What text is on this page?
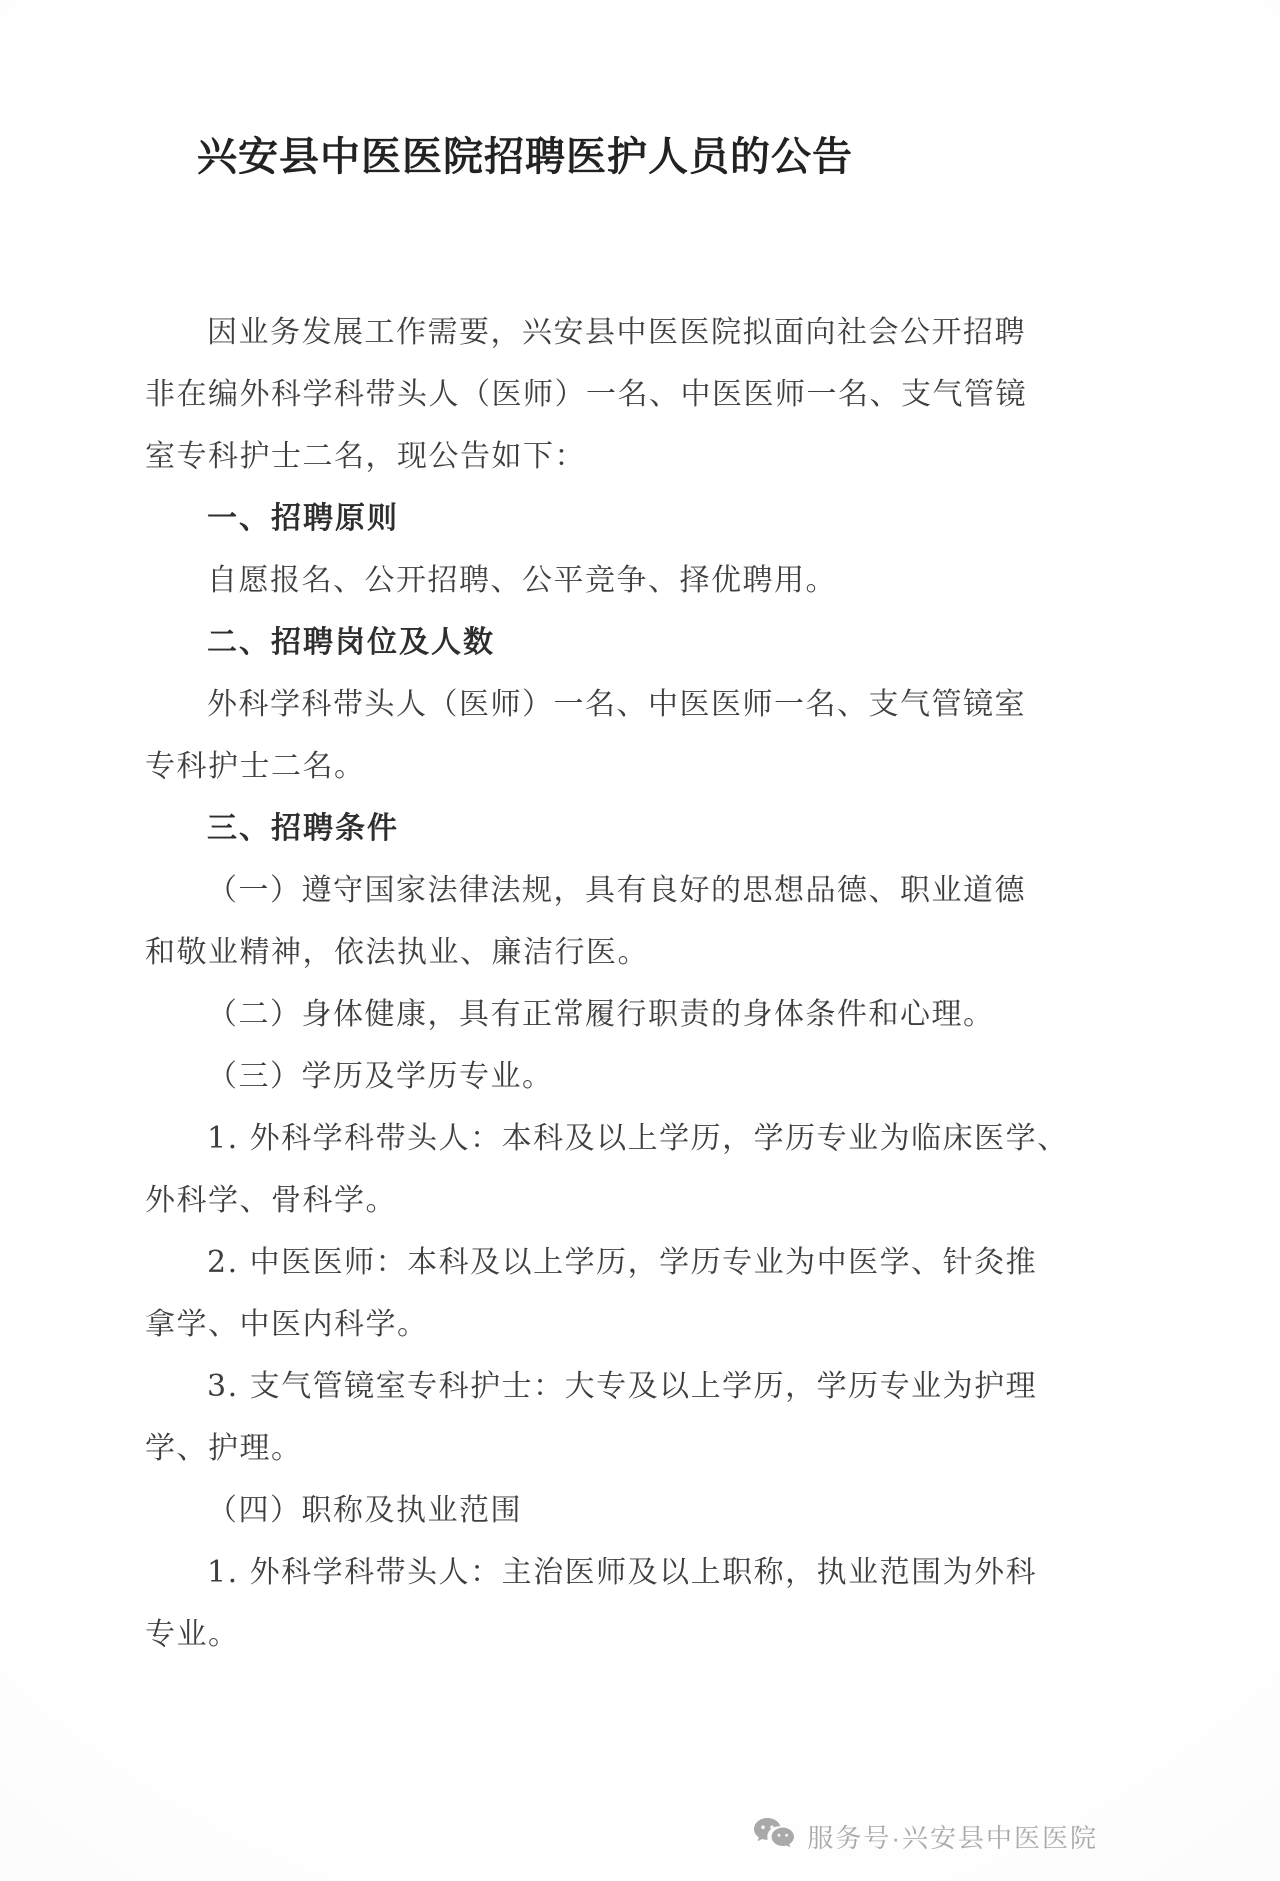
兴安县中医医院招聘医护人员的公告
因业务发展工作需要，兴安县中医医院拟面向社会公开招聘
非在编外科学科带头人（医师）一名、中医医师一名、支气管镜
室专科护士二名，现公告如下：
一、招聘原则
自愿报名、公开招聘、公平竞争、择优聘用。
二、招聘岗位及人数
外科学科带头人（医师）一名、中医医师一名、支气管镜室
专科护士二名。
三、招聘条件
（一）遵守国家法律法规，具有良好的思想品德、职业道德
和敬业精神，依法执业、廉洁行医。
（二）身体健康，具有正常履行职责的身体条件和心理。
（三）学历及学历专业。
1. 外科学科带头人：本科及以上学历，学历专业为临床医学、
外科学、骨科学。
2. 中医医师：本科及以上学历，学历专业为中医学、针灸推
拿学、中医内科学。
3. 支气管镜室专科护士：大专及以上学历，学历专业为护理
学、护理。
（四）职称及执业范围
1. 外科学科带头人：主治医师及以上职称，执业范围为外科
专业。
服务号·兴安县中医医院
